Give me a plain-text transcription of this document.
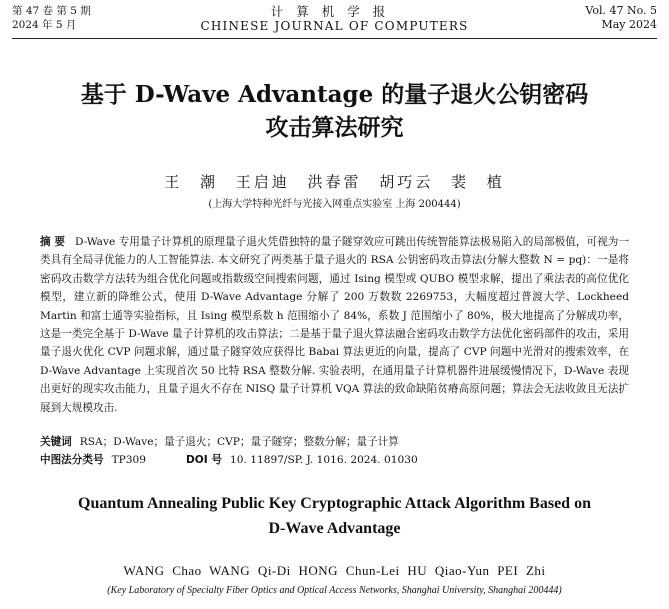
第 47 卷 第 5 期
2024 年 5 月
计算机学报
CHINESE JOURNAL OF COMPUTERS
Vol. 47 No. 5
May 2024
基于 D-Wave Advantage 的量子退火公钥密码
攻击算法研究
王 潮 王启迪 洪春雷 胡巧云 裴 植
(上海大学特种光纤与光接入网重点实验室 上海 200444)
摘 要 D-Wave 专用量子计算机的原理量子退火凭借独特的量子隧穿效应可跳出传统智能算法极易陷入的局部极值，可视为一类具有全局寻优能力的人工智能算法. 本文研究了两类基于量子退火的 RSA 公钥密码攻击算法(分解大整数 N = pq)：一是将密码攻击数学方法转为组合优化问题或指数级空间搜索问题，通过 Ising 模型或 QUBO 模型求解，提出了乘法表的高位优化模型，建立新的降维公式，使用 D-Wave Advantage 分解了 200 万数数 2269753，大幅度超过普渡大学、Lockheed Martin 和富士通等实验指标，且 Ising 模型系数 h 范围缩小了 84%，系数 J 范围缩小了 80%，极大地提高了分解成功率，这是一类完全基于 D-Wave 量子计算机的攻击算法；二是基于量子退火算法融合密码攻击数学方法优化密码部件的攻击，采用量子退火优化 CVP 问题求解，通过量子隧穿效应获得比 Babai 算法更近的向量，提高了 CVP 问题中光滑对的搜索效率，在 D-Wave Advantage 上实现首次 50 比特 RSA 整数分解. 实验表明，在通用量子计算机器件进展缓慢情况下，D-Wave 表现出更好的现实攻击能力，且量子退火不存在 NISQ 量子计算机 VQA 算法的致命缺陷贫瘠高原问题；算法会无法收敛且无法扩展到大规模攻击.
关键词 RSA；D-Wave；量子退火；CVP；量子隧穿；整数分解；量子计算
中图法分类号 TP309	DOI 号 10. 11897/SP. J. 1016. 2024. 01030
Quantum Annealing Public Key Cryptographic Attack Algorithm Based on
D-Wave Advantage
WANG Chao WANG Qi-Di HONG Chun-Lei HU Qiao-Yun PEI Zhi
(Key Laboratory of Specialty Fiber Optics and Optical Access Networks, Shanghai University, Shanghai 200444)
